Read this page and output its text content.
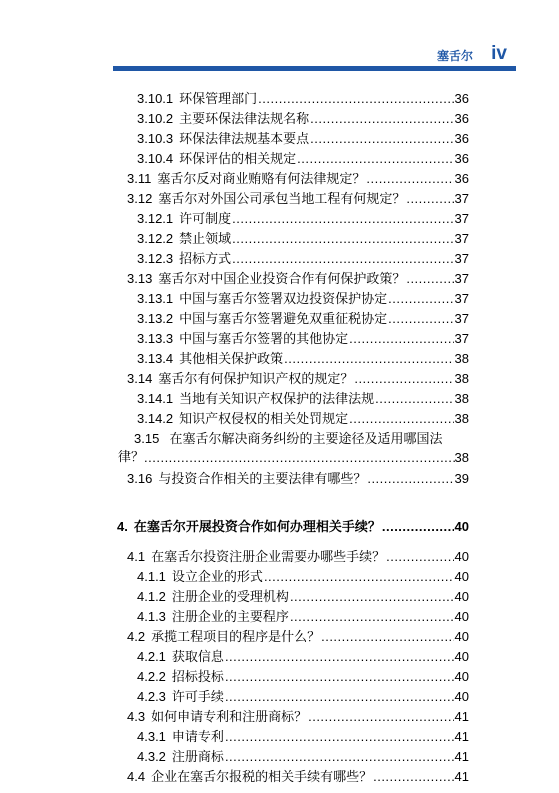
塞舌尔 iv
3.10.1 环保管理部门 .....	36
3.10.2 主要环保法律法规名称 .....	36
3.10.3 环保法律法规基本要点 .....	36
3.10.4 环保评估的相关规定 .....	36
3.11 塞舌尔反对商业贿赂有何法律规定？ .....	36
3.12 塞舌尔对外国公司承包当地工程有何规定？ .....	37
3.12.1 许可制度 .....	37
3.12.2 禁止领域 .....	37
3.12.3 招标方式 .....	37
3.13 塞舌尔对中国企业投资合作有何保护政策？ .....	37
3.13.1 中国与塞舌尔签署双边投资保护协定 .....	37
3.13.2 中国与塞舌尔签署避免双重征税协定 .....	37
3.13.3 中国与塞舌尔签署的其他协定 .....	37
3.13.4 其他相关保护政策 .....	38
3.14 塞舌尔有何保护知识产权的规定？ .....	38
3.14.1 当地有关知识产权保护的法律法规 .....	38
3.14.2 知识产权侵权的相关处罚规定 .....	38
3.15 在塞舌尔解决商务纠纷的主要途径及适用哪国法
律？ .....	38
3.16 与投资合作相关的主要法律有哪些？ .....	39
4. 在塞舌尔开展投资合作如何办理相关手续？ .....	40
4.1 在塞舌尔投资注册企业需要办哪些手续？ .....	40
4.1.1 设立企业的形式 .....	40
4.1.2 注册企业的受理机构 .....	40
4.1.3 注册企业的主要程序 .....	40
4.2 承揽工程项目的程序是什么？ .....	40
4.2.1 获取信息 .....	40
4.2.2 招标投标 .....	40
4.2.3 许可手续 .....	40
4.3 如何申请专利和注册商标？ .....	41
4.3.1 申请专利 .....	41
4.3.2 注册商标 .....	41
4.4 企业在塞舌尔报税的相关手续有哪些？ .....	41
